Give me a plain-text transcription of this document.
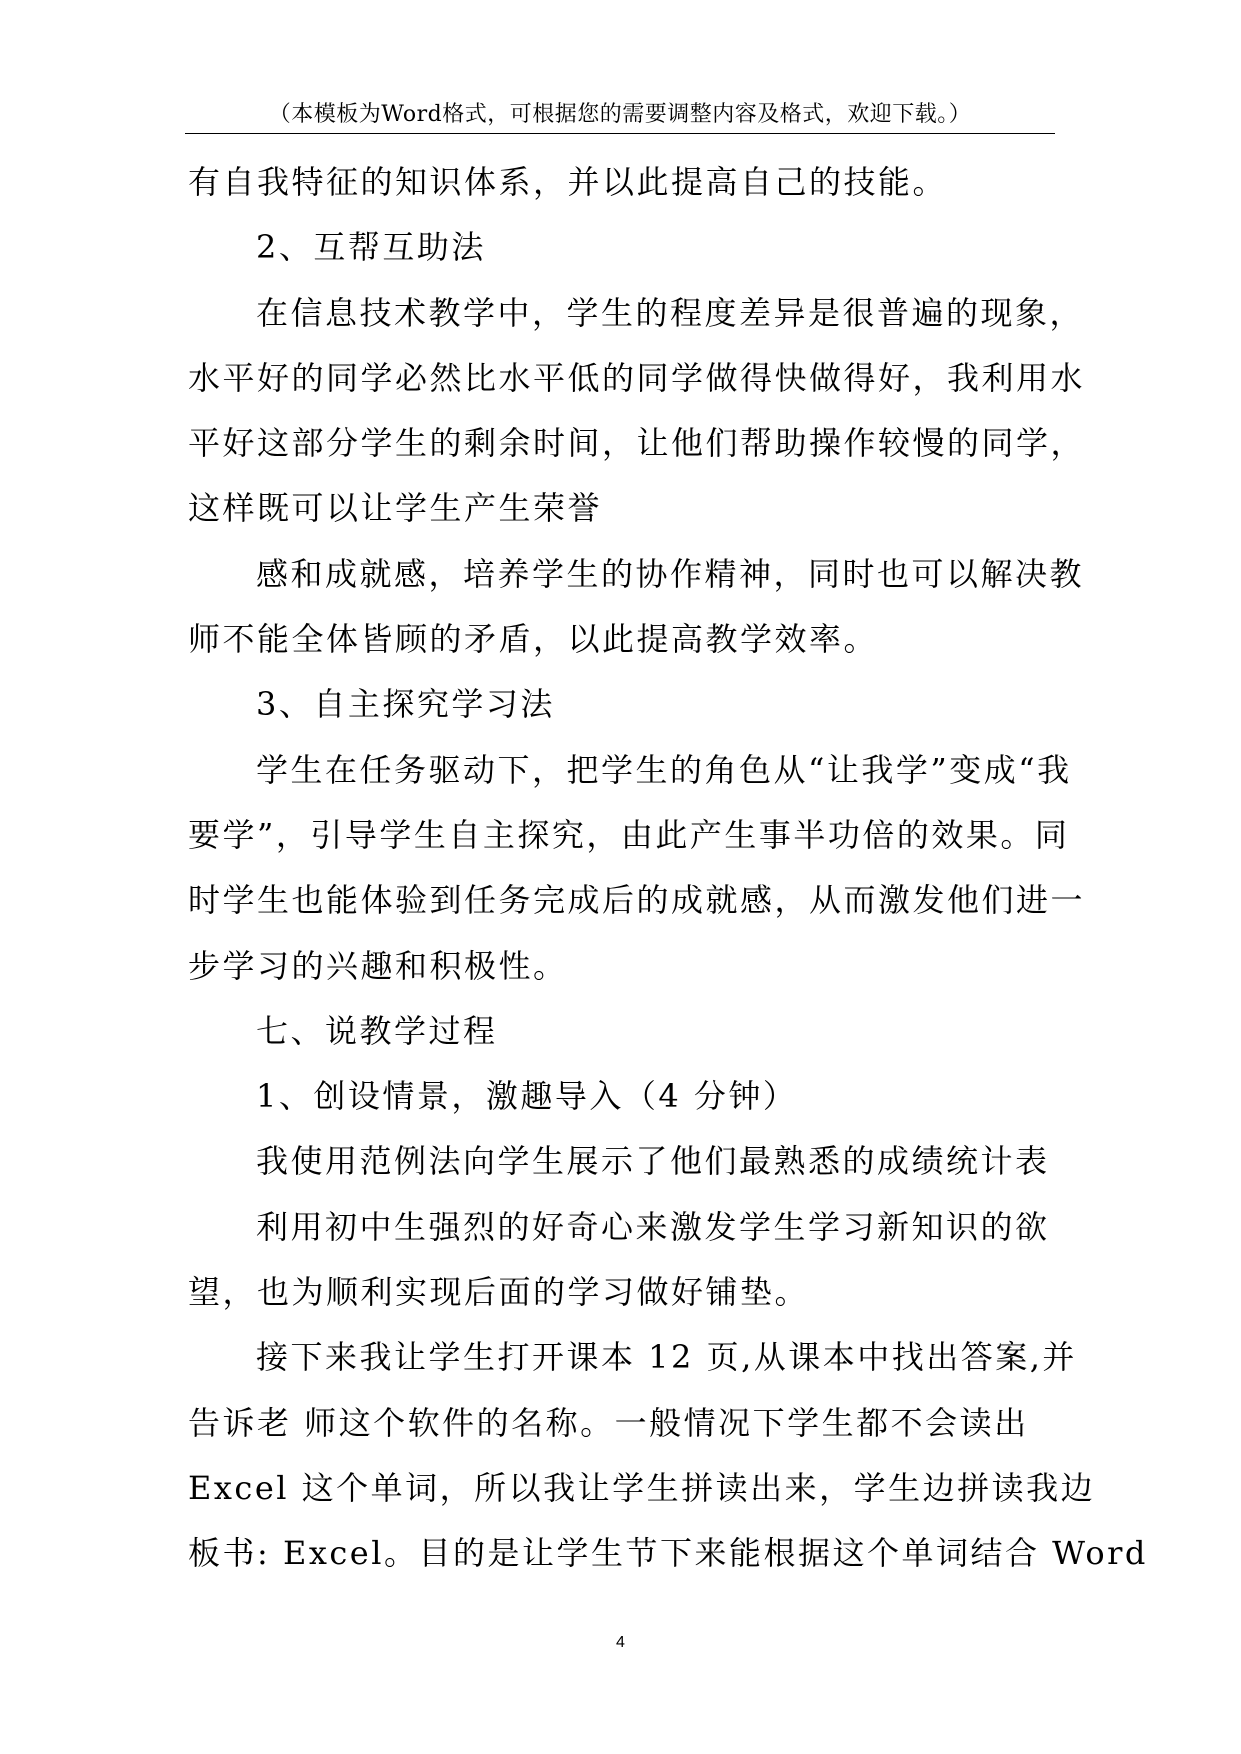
（本模板为Word格式，可根据您的需要调整内容及格式，欢迎下载。）
有自我特征的知识体系，并以此提高自己的技能。
2、互帮互助法
在信息技术教学中，学生的程度差异是很普遍的现象，
水平好的同学必然比水平低的同学做得快做得好，我利用水
平好这部分学生的剩余时间，让他们帮助操作较慢的同学，
这样既可以让学生产生荣誉
感和成就感，培养学生的协作精神，同时也可以解决教
师不能全体皆顾的矛盾，以此提高教学效率。
3、自主探究学习法
学生在任务驱动下，把学生的角色从“让我学”变成“我
要学”，引导学生自主探究，由此产生事半功倍的效果。同
时学生也能体验到任务完成后的成就感，从而激发他们进一
步学习的兴趣和积极性。
七、说教学过程
1、创设情景，激趣导入（4 分钟）
我使用范例法向学生展示了他们最熟悉的成绩统计表
利用初中生强烈的好奇心来激发学生学习新知识的欲
望，也为顺利实现后面的学习做好铺垫。
接下来我让学生打开课本 12 页,从课本中找出答案,并
告诉老 师这个软件的名称。一般情况下学生都不会读出
Excel 这个单词，所以我让学生拼读出来，学生边拼读我边
板书: Excel。目的是让学生节下来能根据这个单词结合 Word
4
